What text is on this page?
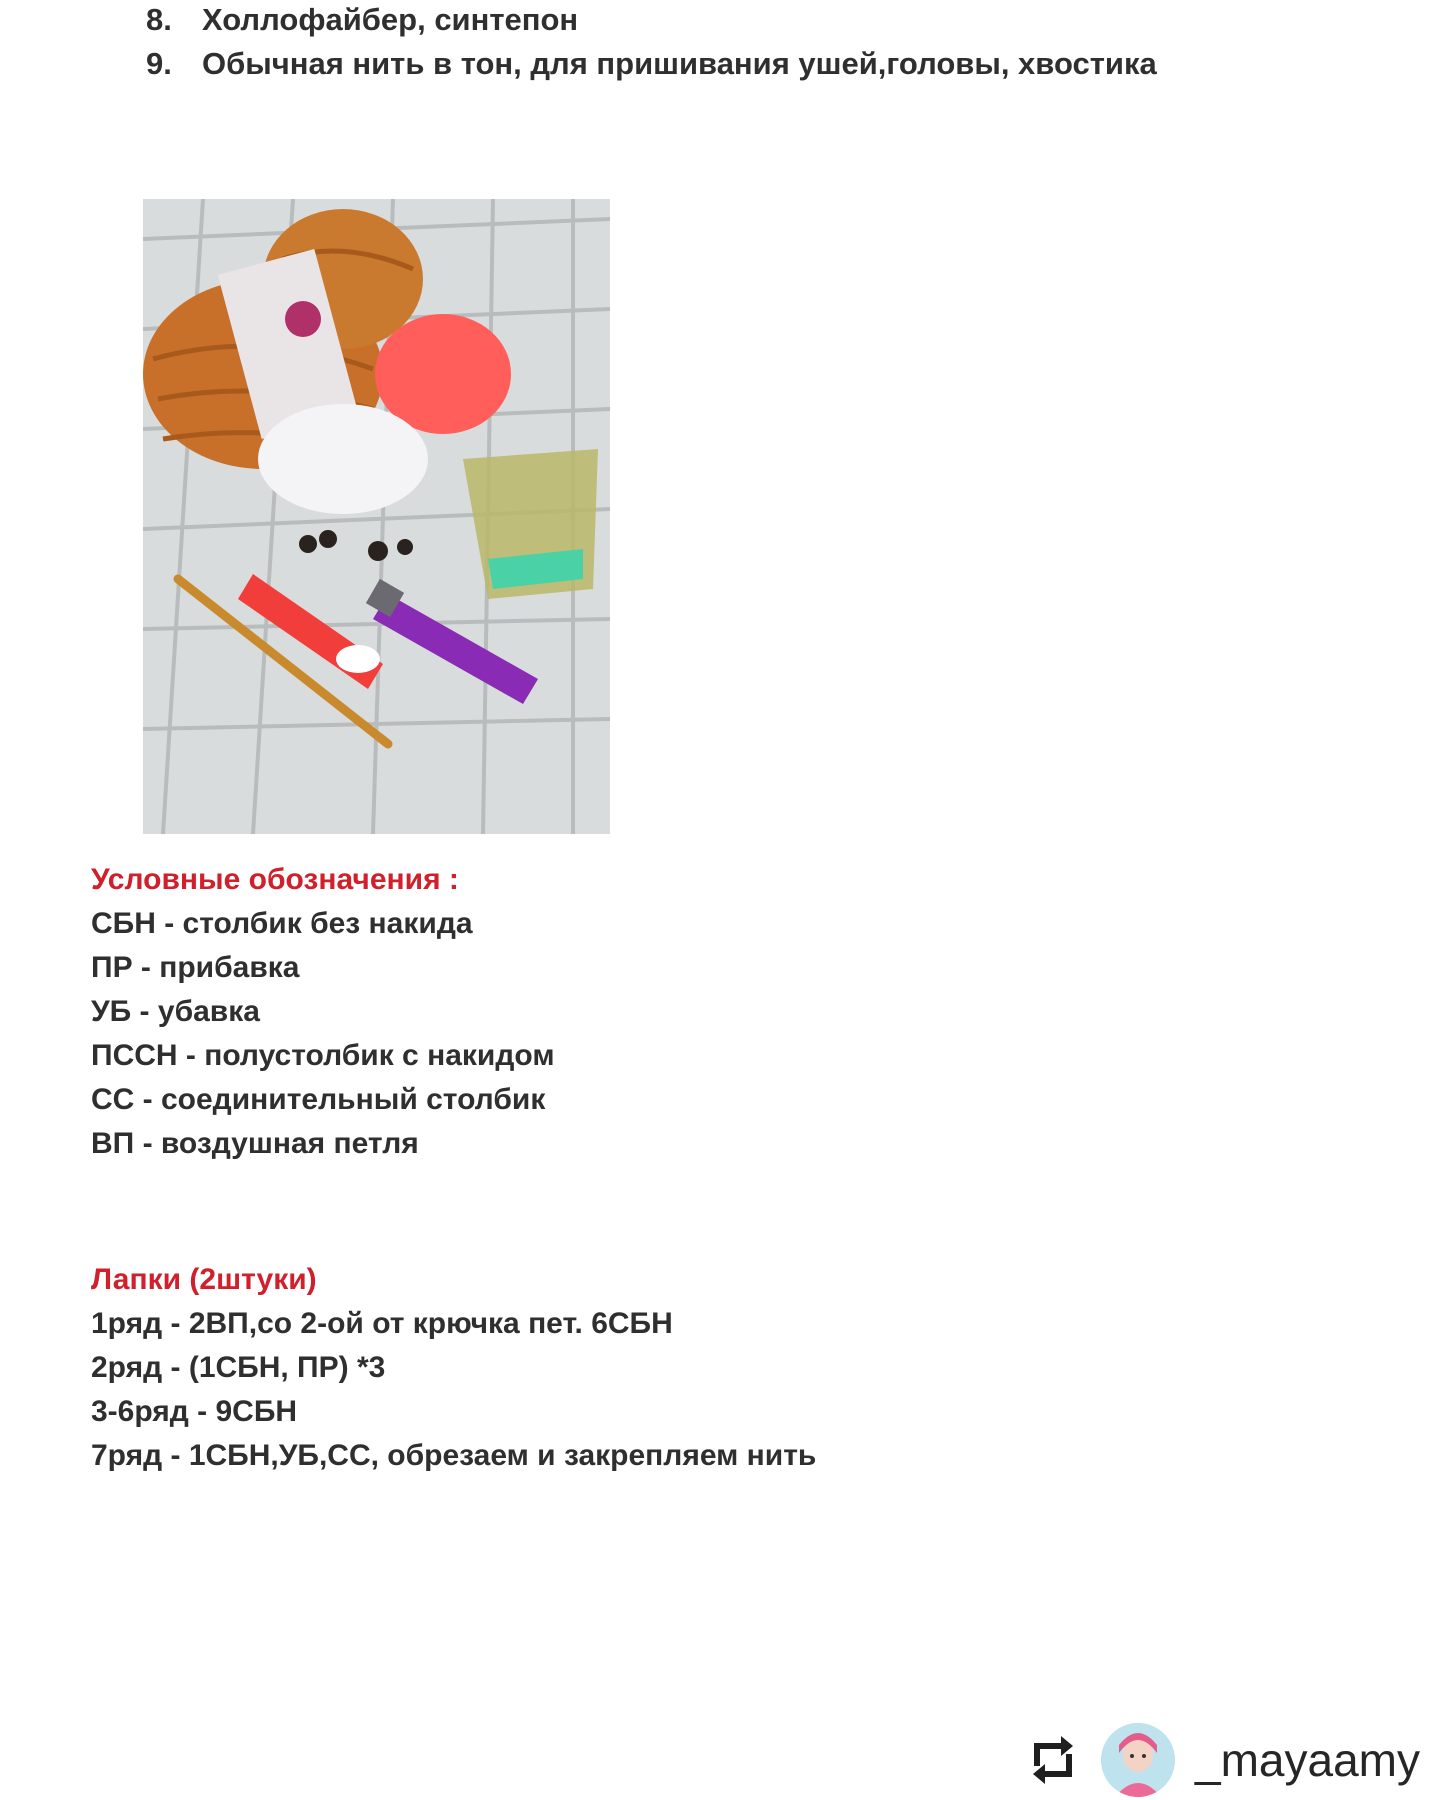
8. Холлофайбер, синтепон
9. Обычная нить в тон, для пришивания ушей,головы, хвостика
Условные обозначения :
СБН - столбик без накида
ПР - прибавка
УБ - убавка
ПССН - полустолбик с накидом
СС - соединительный столбик
ВП - воздушная петля
Лапки (2штуки)
1ряд - 2ВП,со 2-ой от крючка пет. 6СБН
2ряд - (1СБН, ПР) *3
3-6ряд - 9СБН
7ряд - 1СБН,УБ,СС, обрезаем и закрепляем нить
_mayaamy
